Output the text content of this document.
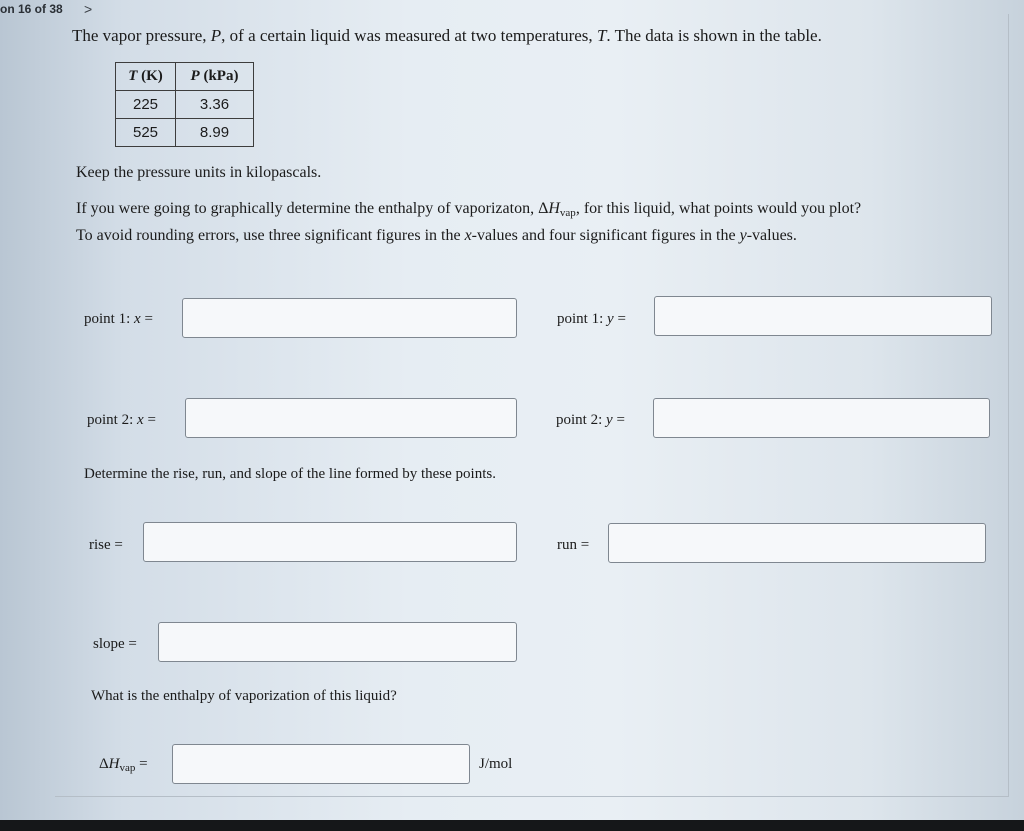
on 16 of 38 >
The vapor pressure, P, of a certain liquid was measured at two temperatures, T. The data is shown in the table.
T (K)	P (kPa)
225	3.36
525	8.99
Keep the pressure units in kilopascals.
If you were going to graphically determine the enthalpy of vaporizaton, $\Delta H_{vap}$, for this liquid, what points would you plot?
To avoid rounding errors, use three significant figures in the x-values and four significant figures in the y-values.
point 1: x =	point 1: y =
point 2: x =	point 2: y =
Determine the rise, run, and slope of the line formed by these points.
rise =	run =
slope =
What is the enthalpy of vaporization of this liquid?
$\Delta H_{vap}$ =	J/mol
